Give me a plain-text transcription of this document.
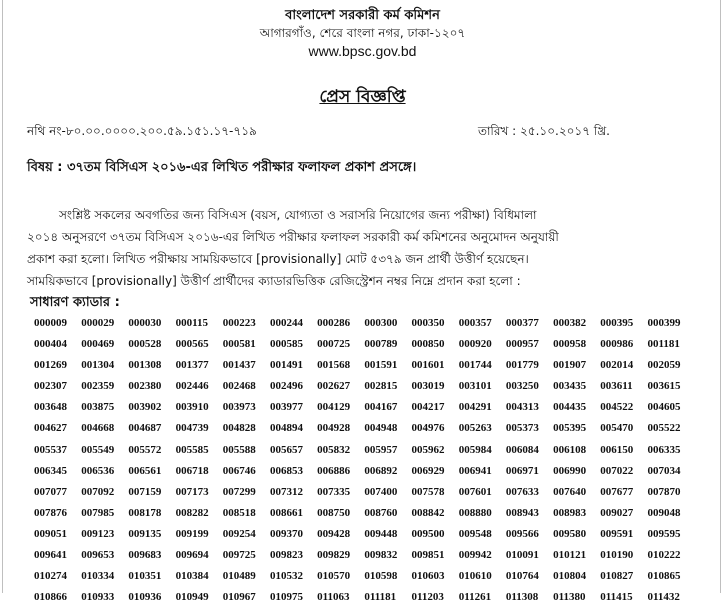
বাংলাদেশ সরকারী কর্ম কমিশন
আগারগাঁও, শেরে বাংলা নগর, ঢাকা-১২০৭
www.bpsc.gov.bd
প্রেস বিজ্ঞপ্তি
নথি নং-৮০.০০.০০০০.২০০.৫৯.১৫১.১৭-৭১৯	তারিখ : ২৫.১০.২০১৭ খ্রি.
বিষয় : ৩৭তম বিসিএস ২০১৬-এর লিখিত পরীক্ষার ফলাফল প্রকাশ প্রসঙ্গে।
সংশ্লিষ্ট সকলের অবগতির জন্য বিসিএস (বয়স, যোগ্যতা ও সরাসরি নিয়োগের জন্য পরীক্ষা) বিধিমালা
২০১৪ অনুসরণে ৩৭তম বিসিএস ২০১৬-এর লিখিত পরীক্ষার ফলাফল সরকারী কর্ম কমিশনের অনুমোদন অনুযায়ী
প্রকাশ করা হলো। লিখিত পরীক্ষায় সাময়িকভাবে [provisionally] মোট ৫৩৭৯ জন প্রার্থী উত্তীর্ণ হয়েছেন।
সাময়িকভাবে [provisionally] উত্তীর্ণ প্রার্থীদের ক্যাডারভিত্তিক রেজিস্ট্রেশন নম্বর নিম্নে প্রদান করা হলো :
সাধারণ ক্যাডার :
000009 000029 000030 000115 000223 000244 000286 000300 000350 000357 000377 000382 000395 000399
000404 000469 000528 000565 000581 000585 000725 000789 000850 000920 000957 000958 000986 001181
001269 001304 001308 001377 001437 001491 001568 001591 001601 001744 001779 001907 002014 002059
002307 002359 002380 002446 002468 002496 002627 002815 003019 003101 003250 003435 003611 003615
003648 003875 003902 003910 003973 003977 004129 004167 004217 004291 004313 004435 004522 004605
004627 004668 004687 004739 004828 004894 004928 004948 004976 005263 005373 005395 005470 005522
005537 005549 005572 005585 005588 005657 005832 005957 005962 005984 006084 006108 006150 006335
006345 006536 006561 006718 006746 006853 006886 006892 006929 006941 006971 006990 007022 007034
007077 007092 007159 007173 007299 007312 007335 007400 007578 007601 007633 007640 007677 007870
007876 007985 008178 008282 008518 008661 008750 008760 008842 008880 008943 008983 009027 009048
009051 009123 009135 009199 009254 009370 009428 009448 009500 009548 009566 009580 009591 009595
009641 009653 009683 009694 009725 009823 009829 009832 009851 009942 010091 010121 010190 010222
010274 010334 010351 010384 010489 010532 010570 010598 010603 010610 010764 010804 010827 010865
010866 010933 010936 010949 010967 010975 011063 011181 011203 011261 011308 011380 011415 011432
